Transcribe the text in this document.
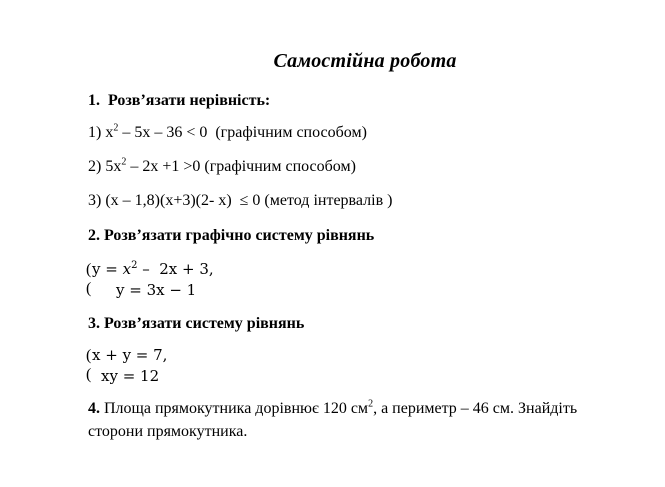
Самостійна робота
1. Розв’язати нерівність:
1) $x^2 - 5x - 36 < 0$  (графічним способом)
2) $5x^2 - 2x +1 >0$ (графічним способом)
3) (x – 1,8)(x+3)(2- x)  ≤ 0 (метод інтервалів )
2. Розв’язати графічно систему рівнянь
(
(
$y = x^2 - 2x + 3$,
y = 3x − 1
3. Розв’язати систему рівнянь
(
(
x + y = 7,
xy = 12
4. Площа прямокутника дорівнює 120 $см^2$, а периметр – 46 см. Знайдіть
сторони прямокутника.
